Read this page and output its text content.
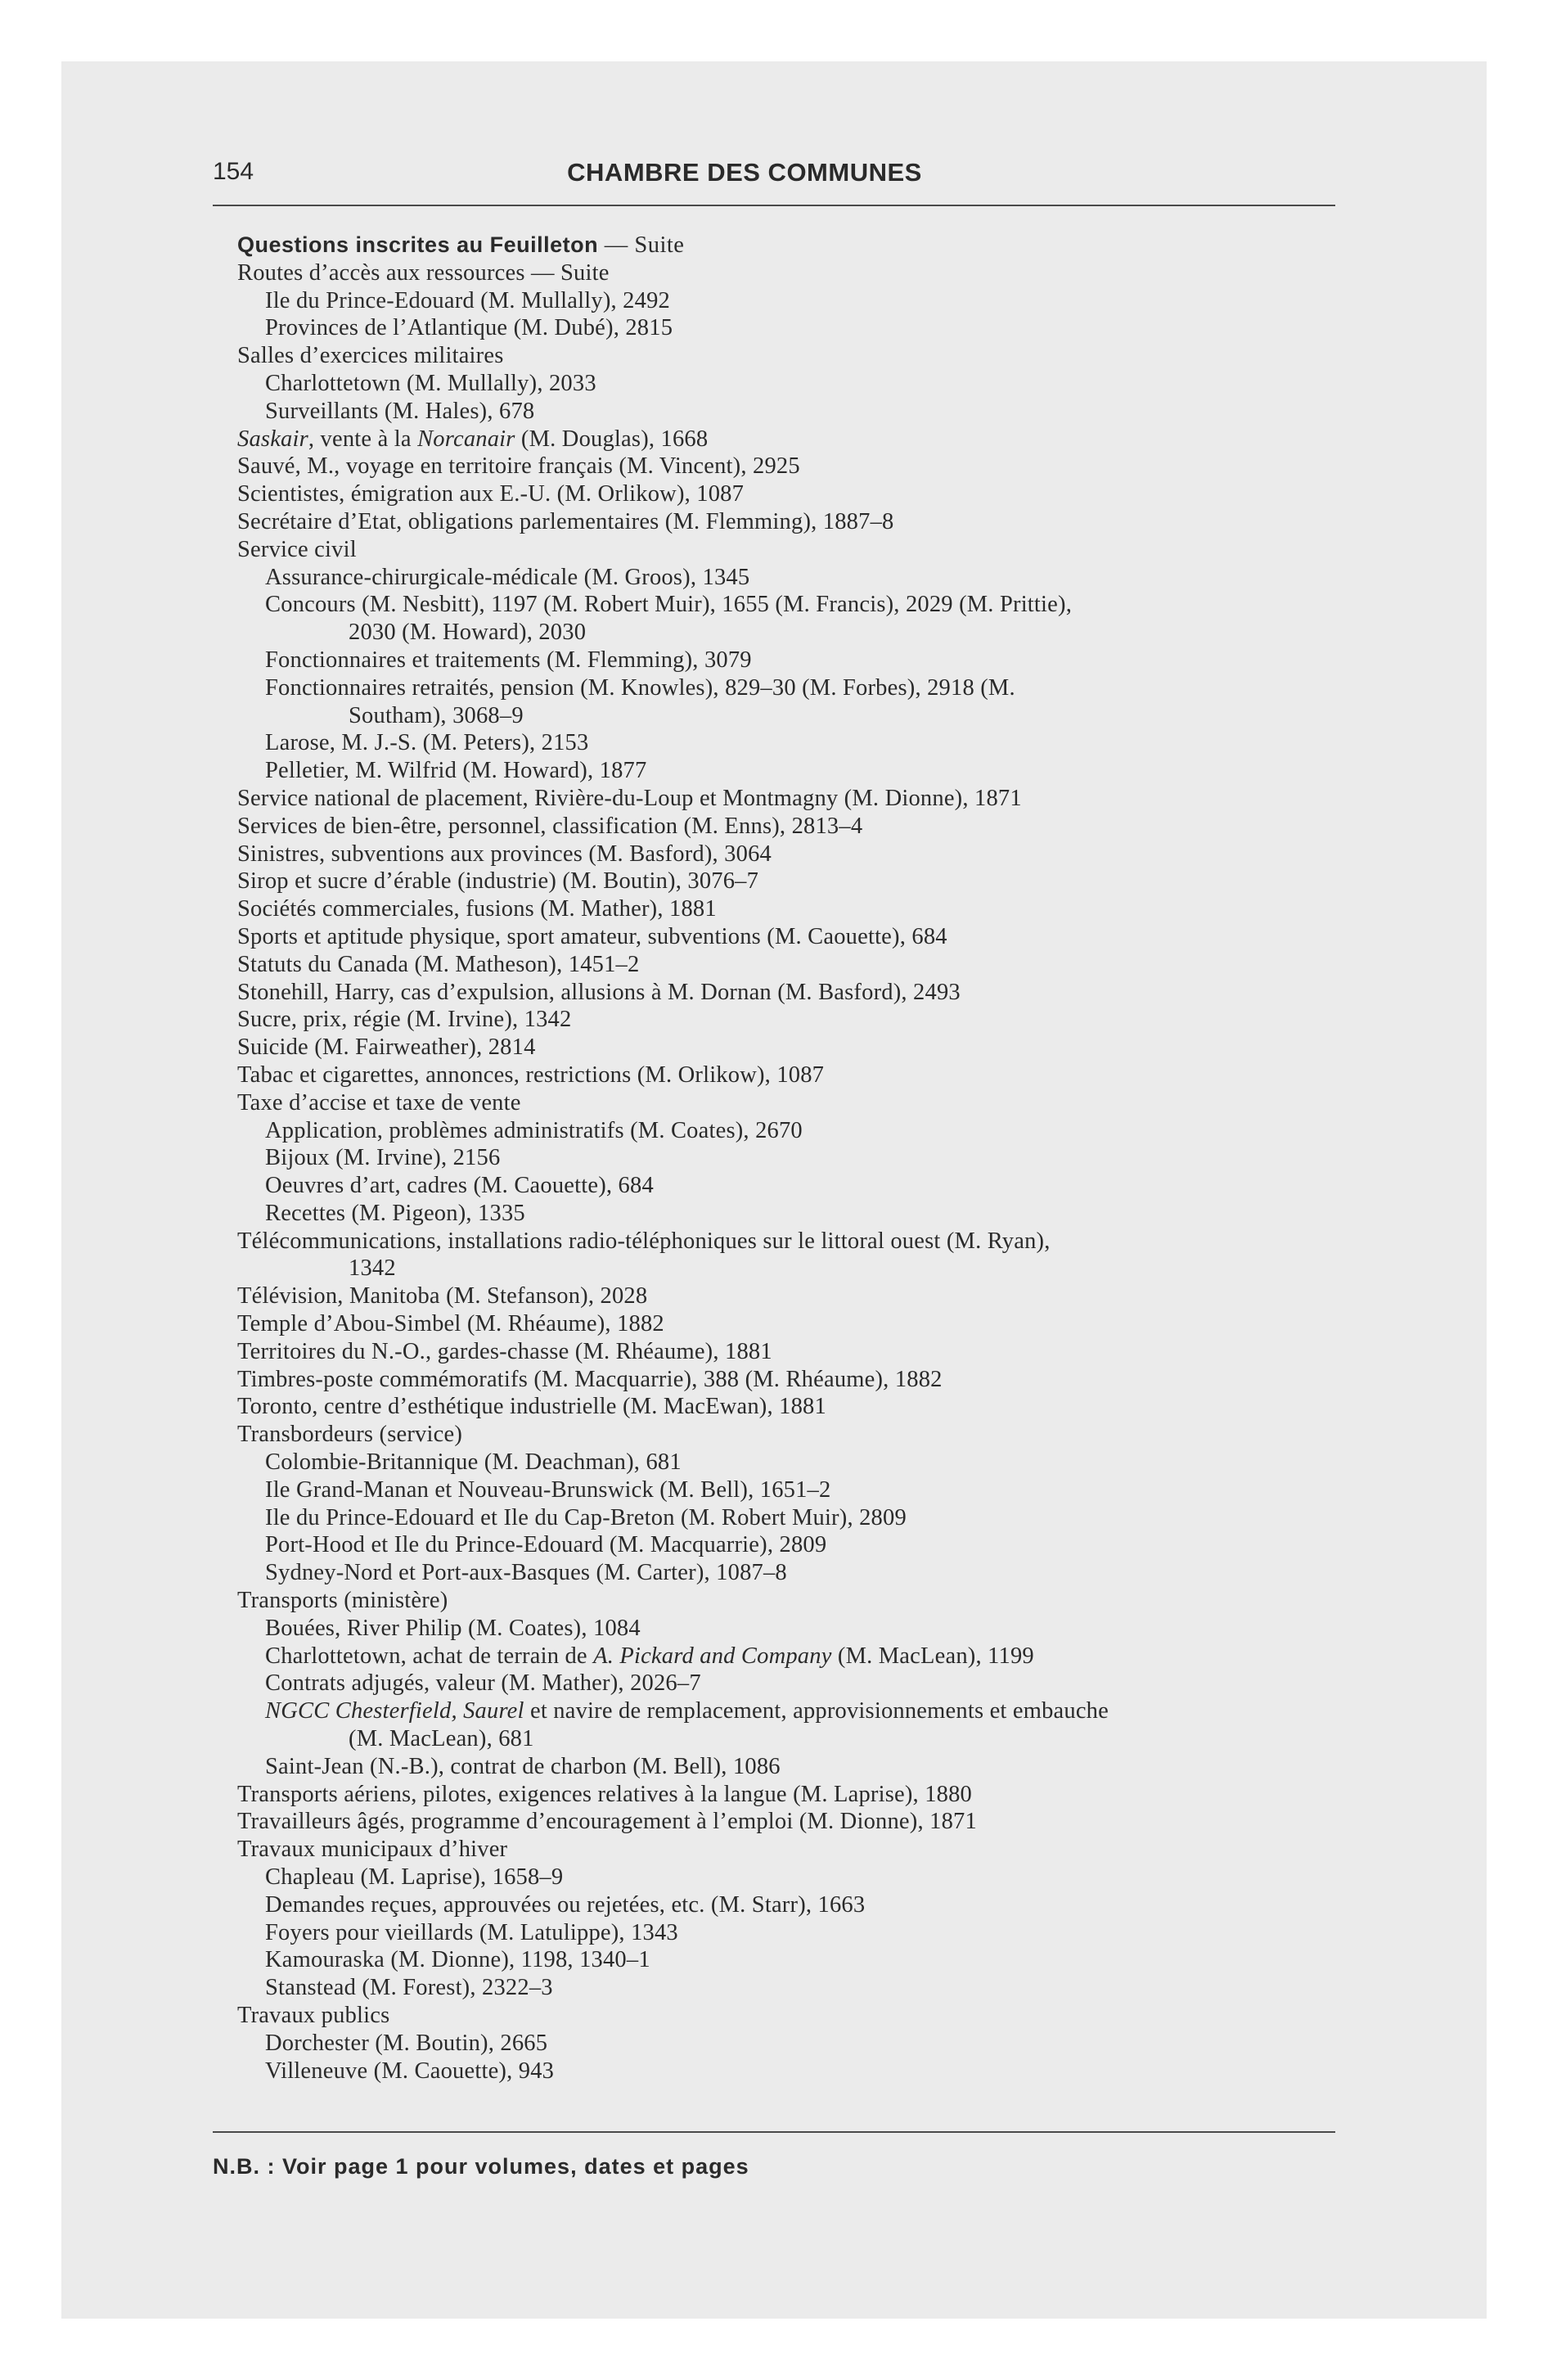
154	CHAMBRE DES COMMUNES
Questions inscrites au Feuilleton — Suite
Routes d’accès aux ressources — Suite
Ile du Prince-Edouard (M. Mullally), 2492
Provinces de l’Atlantique (M. Dubé), 2815
Salles d’exercices militaires
Charlottetown (M. Mullally), 2033
Surveillants (M. Hales), 678
Saskair, vente à la Norcanair (M. Douglas), 1668
Sauvé, M., voyage en territoire français (M. Vincent), 2925
Scientistes, émigration aux E.-U. (M. Orlikow), 1087
Secrétaire d’Etat, obligations parlementaires (M. Flemming), 1887–8
Service civil
Assurance-chirurgicale-médicale (M. Groos), 1345
Concours (M. Nesbitt), 1197 (M. Robert Muir), 1655 (M. Francis), 2029 (M. Prittie),
2030 (M. Howard), 2030
Fonctionnaires et traitements (M. Flemming), 3079
Fonctionnaires retraités, pension (M. Knowles), 829–30 (M. Forbes), 2918 (M.
Southam), 3068–9
Larose, M. J.-S. (M. Peters), 2153
Pelletier, M. Wilfrid (M. Howard), 1877
Service national de placement, Rivière-du-Loup et Montmagny (M. Dionne), 1871
Services de bien-être, personnel, classification (M. Enns), 2813–4
Sinistres, subventions aux provinces (M. Basford), 3064
Sirop et sucre d’érable (industrie) (M. Boutin), 3076–7
Sociétés commerciales, fusions (M. Mather), 1881
Sports et aptitude physique, sport amateur, subventions (M. Caouette), 684
Statuts du Canada (M. Matheson), 1451–2
Stonehill, Harry, cas d’expulsion, allusions à M. Dornan (M. Basford), 2493
Sucre, prix, régie (M. Irvine), 1342
Suicide (M. Fairweather), 2814
Tabac et cigarettes, annonces, restrictions (M. Orlikow), 1087
Taxe d’accise et taxe de vente
Application, problèmes administratifs (M. Coates), 2670
Bijoux (M. Irvine), 2156
Oeuvres d’art, cadres (M. Caouette), 684
Recettes (M. Pigeon), 1335
Télécommunications, installations radio-téléphoniques sur le littoral ouest (M. Ryan),
1342
Télévision, Manitoba (M. Stefanson), 2028
Temple d’Abou-Simbel (M. Rhéaume), 1882
Territoires du N.-O., gardes-chasse (M. Rhéaume), 1881
Timbres-poste commémoratifs (M. Macquarrie), 388 (M. Rhéaume), 1882
Toronto, centre d’esthétique industrielle (M. MacEwan), 1881
Transbordeurs (service)
Colombie-Britannique (M. Deachman), 681
Ile Grand-Manan et Nouveau-Brunswick (M. Bell), 1651–2
Ile du Prince-Edouard et Ile du Cap-Breton (M. Robert Muir), 2809
Port-Hood et Ile du Prince-Edouard (M. Macquarrie), 2809
Sydney-Nord et Port-aux-Basques (M. Carter), 1087–8
Transports (ministère)
Bouées, River Philip (M. Coates), 1084
Charlottetown, achat de terrain de A. Pickard and Company (M. MacLean), 1199
Contrats adjugés, valeur (M. Mather), 2026–7
NGCC Chesterfield, Saurel et navire de remplacement, approvisionnements et embauche
(M. MacLean), 681
Saint-Jean (N.-B.), contrat de charbon (M. Bell), 1086
Transports aériens, pilotes, exigences relatives à la langue (M. Laprise), 1880
Travailleurs âgés, programme d’encouragement à l’emploi (M. Dionne), 1871
Travaux municipaux d’hiver
Chapleau (M. Laprise), 1658–9
Demandes reçues, approuvées ou rejetées, etc. (M. Starr), 1663
Foyers pour vieillards (M. Latulippe), 1343
Kamouraska (M. Dionne), 1198, 1340–1
Stanstead (M. Forest), 2322–3
Travaux publics
Dorchester (M. Boutin), 2665
Villeneuve (M. Caouette), 943
N.B. : Voir page 1 pour volumes, dates et pages
